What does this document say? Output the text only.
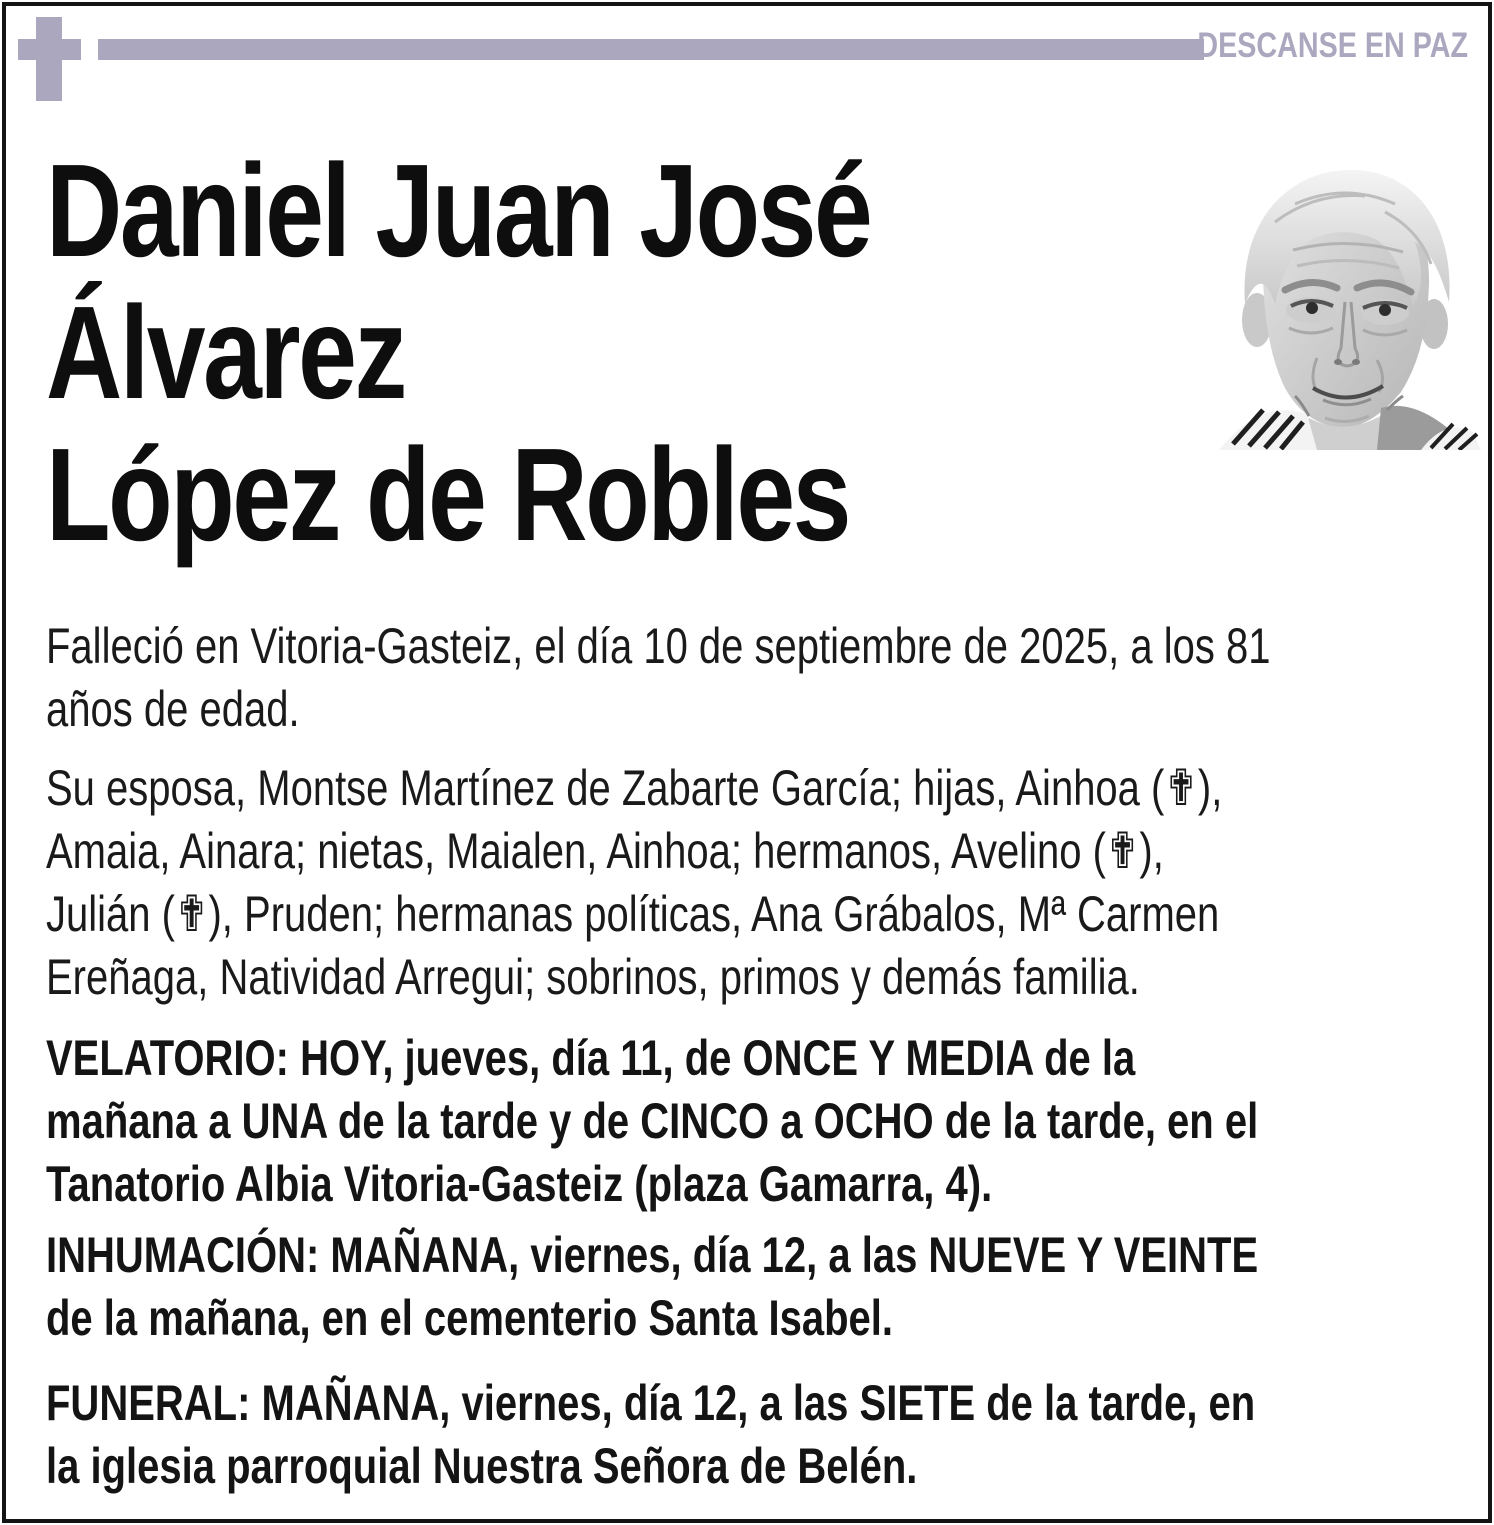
DESCANSE EN PAZ
Daniel Juan José
Álvarez
López de Robles

Falleció en Vitoria-Gasteiz, el día 10 de septiembre de 2025, a los 81
años de edad.

Su esposa, Montse Martínez de Zabarte García; hijas, Ainhoa (✟),
Amaia, Ainara; nietas, Maialen, Ainhoa; hermanos, Avelino (✟),
Julián (✟), Pruden; hermanas políticas, Ana Grábalos, Mª Carmen
Ereñaga, Natividad Arregui; sobrinos, primos y demás familia.

VELATORIO: HOY, jueves, día 11, de ONCE Y MEDIA de la
mañana a UNA de la tarde y de CINCO a OCHO de la tarde, en el
Tanatorio Albia Vitoria-Gasteiz (plaza Gamarra, 4).

INHUMACIÓN: MAÑANA, viernes, día 12, a las NUEVE Y VEINTE
de la mañana, en el cementerio Santa Isabel.

FUNERAL: MAÑANA, viernes, día 12, a las SIETE de la tarde, en
la iglesia parroquial Nuestra Señora de Belén.
